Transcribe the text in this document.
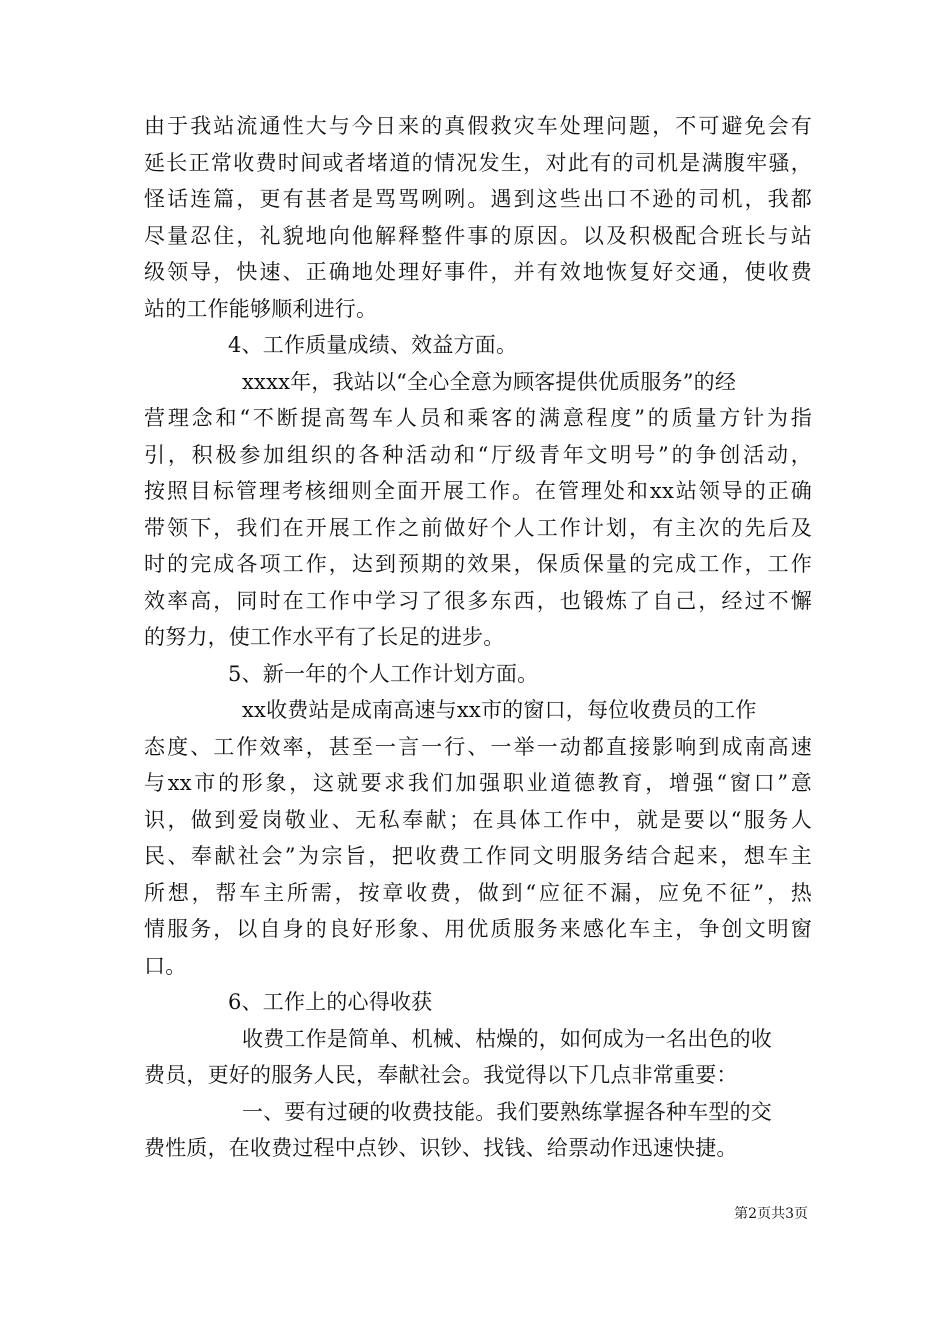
由于我站流通性大与今日来的真假救灾车处理问题，不可避免会有
延长正常收费时间或者堵道的情况发生，对此有的司机是满腹牢骚，
怪话连篇，更有甚者是骂骂咧咧。遇到这些出口不逊的司机，我都
尽量忍住，礼貌地向他解释整件事的原因。以及积极配合班长与站
级领导，快速、正确地处理好事件，并有效地恢复好交通，使收费
站的工作能够顺利进行。
4、工作质量成绩、效益方面。
xxxx年，我站以“全心全意为顾客提供优质服务”的经
营理念和“不断提高驾车人员和乘客的满意程度”的质量方针为指
引，积极参加组织的各种活动和“厅级青年文明号”的争创活动，
按照目标管理考核细则全面开展工作。在管理处和xx站领导的正确
带领下，我们在开展工作之前做好个人工作计划，有主次的先后及
时的完成各项工作，达到预期的效果，保质保量的完成工作，工作
效率高，同时在工作中学习了很多东西，也锻炼了自己，经过不懈
的努力，使工作水平有了长足的进步。
5、新一年的个人工作计划方面。
xx收费站是成南高速与xx市的窗口，每位收费员的工作
态度、工作效率，甚至一言一行、一举一动都直接影响到成南高速
与xx市的形象，这就要求我们加强职业道德教育，增强“窗口”意
识，做到爱岗敬业、无私奉献；在具体工作中，就是要以“服务人
民、奉献社会”为宗旨，把收费工作同文明服务结合起来，想车主
所想，帮车主所需，按章收费，做到“应征不漏，应免不征”，热
情服务，以自身的良好形象、用优质服务来感化车主，争创文明窗
口。
6、工作上的心得收获
收费工作是简单、机械、枯燥的，如何成为一名出色的收
费员，更好的服务人民，奉献社会。我觉得以下几点非常重要：
一、要有过硬的收费技能。我们要熟练掌握各种车型的交
费性质，在收费过程中点钞、识钞、找钱、给票动作迅速快捷。
第2页共3页
